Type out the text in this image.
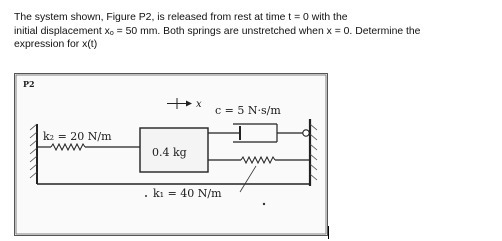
The system shown, Figure P2, is released from rest at time t = 0 with the
initial displacement $x_o = 50$ mm. Both springs are unstretched when x = 0. Determine the
expression for x(t)
P2
0.4 kg
k₂ = 20 N/m
c = 5 N·s/m
k₁ = 40 N/m
x
